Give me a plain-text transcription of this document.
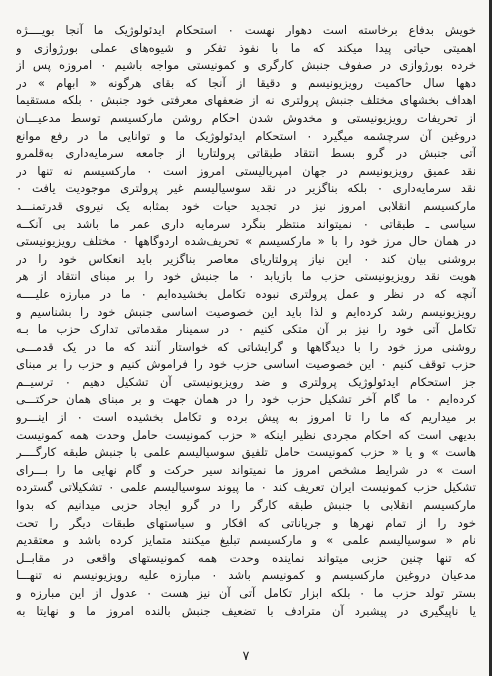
خویش بدفاع برخاسته است دهوار نهست ٠ استحکام ایدئولوژیک ما آنجا بویــــژه
اهمیتی حیاتی پیدا میکند که ما با نفوذ تفکر و شیوه‌های عملی بورژوازی و
خرده بورژوازی در صفوف جنبش کارگری و کمونیستی مواجه باشیم ٠ امروزه پس از
دهها سال حاکمیت رویزیونیسم و دقیقا از آنجا که بقای هرگونه « ابهام » در
اهداف بخشهای مختلف جنبش پرولتری نه از ضعفهای معرفتی خود جنبش ٠ بلکه مستقیما
از تحریفات رویزیونیستی و مخدوش شدن احکام روشن مارکسیسم توسط مدعیـــان
دروغین آن سرچشمه میگیرد ٠ استحکام ایدئولوژیک ما و توانایی ما در رفع موانع
آتی جنبش در گرو بسط انتقاد طبقاتی پرولتاریا از جامعه سرمایه‌داری به‌قلمرو
نقد عمیق رویزیونیسم در جهان امپریالیستی امروز است ٠ مارکسیسم نه تنها در
نقد سرمایه‌داری ٠ بلکه بناگزیر در نقد سوسیالیسم غیر پرولتری موجودیت یافت ٠
مارکسیسم انقلابی امروز نیز در تجدید حیات خود بمثابه یک نیروی قدرتمنـــد
سیاسی ـ طبقاتی ٠ نمیتواند منتظر بنگرد سرمایه داری عمر ما باشد بی آنکــه
در همان حال مرز خود را با « مارکسیسم » تحریف‌شده اردوگاهها ٠ مختلف رویزیونیستی
بروشنی بیان کند ٠ این نیاز پرولتاریای معاصر بناگزیر باید انعکاس خود را در
هویت نقد رویزیونیستی حزب ما بازیابد ٠ ما جنبش خود را بر مبنای انتقاد از هر
آنچه که در نظر و عمل پرولتری نبوده تکامل بخشیده‌ایم ٠ ما در مبارزه علیــــه
رویزیونیسم رشد کرده‌ایم و لذا باید این خصوصیت اساسی جنبش خود را بشناسیم و
تکامل آتی خود را نیز بر آن متکی کنیم ٠ در سمینار مقدماتی تدارک حزب ما بـه
روشنی مرز خود را با دیدگاهها و گرایشاتی که خواستار آنند که ما در یک قدمـــی
حزب توقف کنیم ٠ این خصوصیت اساسی حزب خود را فراموش کنیم و حزب را بر مبنای
جز استحکام ایدئولوژیک پرولتری و ضد رویزیونیستی آن تشکیل دهیم ٠ ترسیــم
کرده‌ایم ٠ ما گام آخر تشکیل حزب خود را در همان جهت و بر مبنای همان حرکتـــی
بر میداریم که ما را تا امروز به پیش برده و تکامل بخشیده است ٠ از اینـــرو
بدیهی است که احکام مجردی نظیر اینکه « حزب کمونیست حامل وحدت همه کمونیست
هاست » و یا « حزب کمونیست حامل تلفیق سوسیالیسم علمی با جنبش طبقه کارگــــر
است » در شرایط مشخص امروز ما نمیتواند سیر حرکت و گام نهایی ما را بـــرای
تشکیل حزب کمونیست ایران تعریف کند ٠ ما پیوند سوسیالیسم علمی ٠ تشکیلاتی گسترده
مارکسیسم انقلابی با جنبش طبقه کارگر را در گرو ایجاد حزبی میدانیم که بدوا
خود را از تمام نهرها و جریاناتی که افکار و سیاستهای طبقات دیگر را تحت
نام « سوسیالیسم علمی » و مارکسیسم تبلیغ میکنند متمایز کرده باشد و معتقدیم
که تنها چنین حزبی میتواند نماینده وحدت همه کمونیستهای واقعی در مقابــل
مدعیان دروغین مارکسیسم و کمونیسم باشد ٠ مبارزه علیه رویزیونیسم نه تنهـــا
بستر تولد حزب ما ٠ بلکه ابزار تکامل آتی آن نیز هست ٠ عدول از این مبارزه و
یا ناپیگیری در پیشبرد آن مترادف با تضعیف جنبش بالنده امروز ما و نهایتا به
۷
